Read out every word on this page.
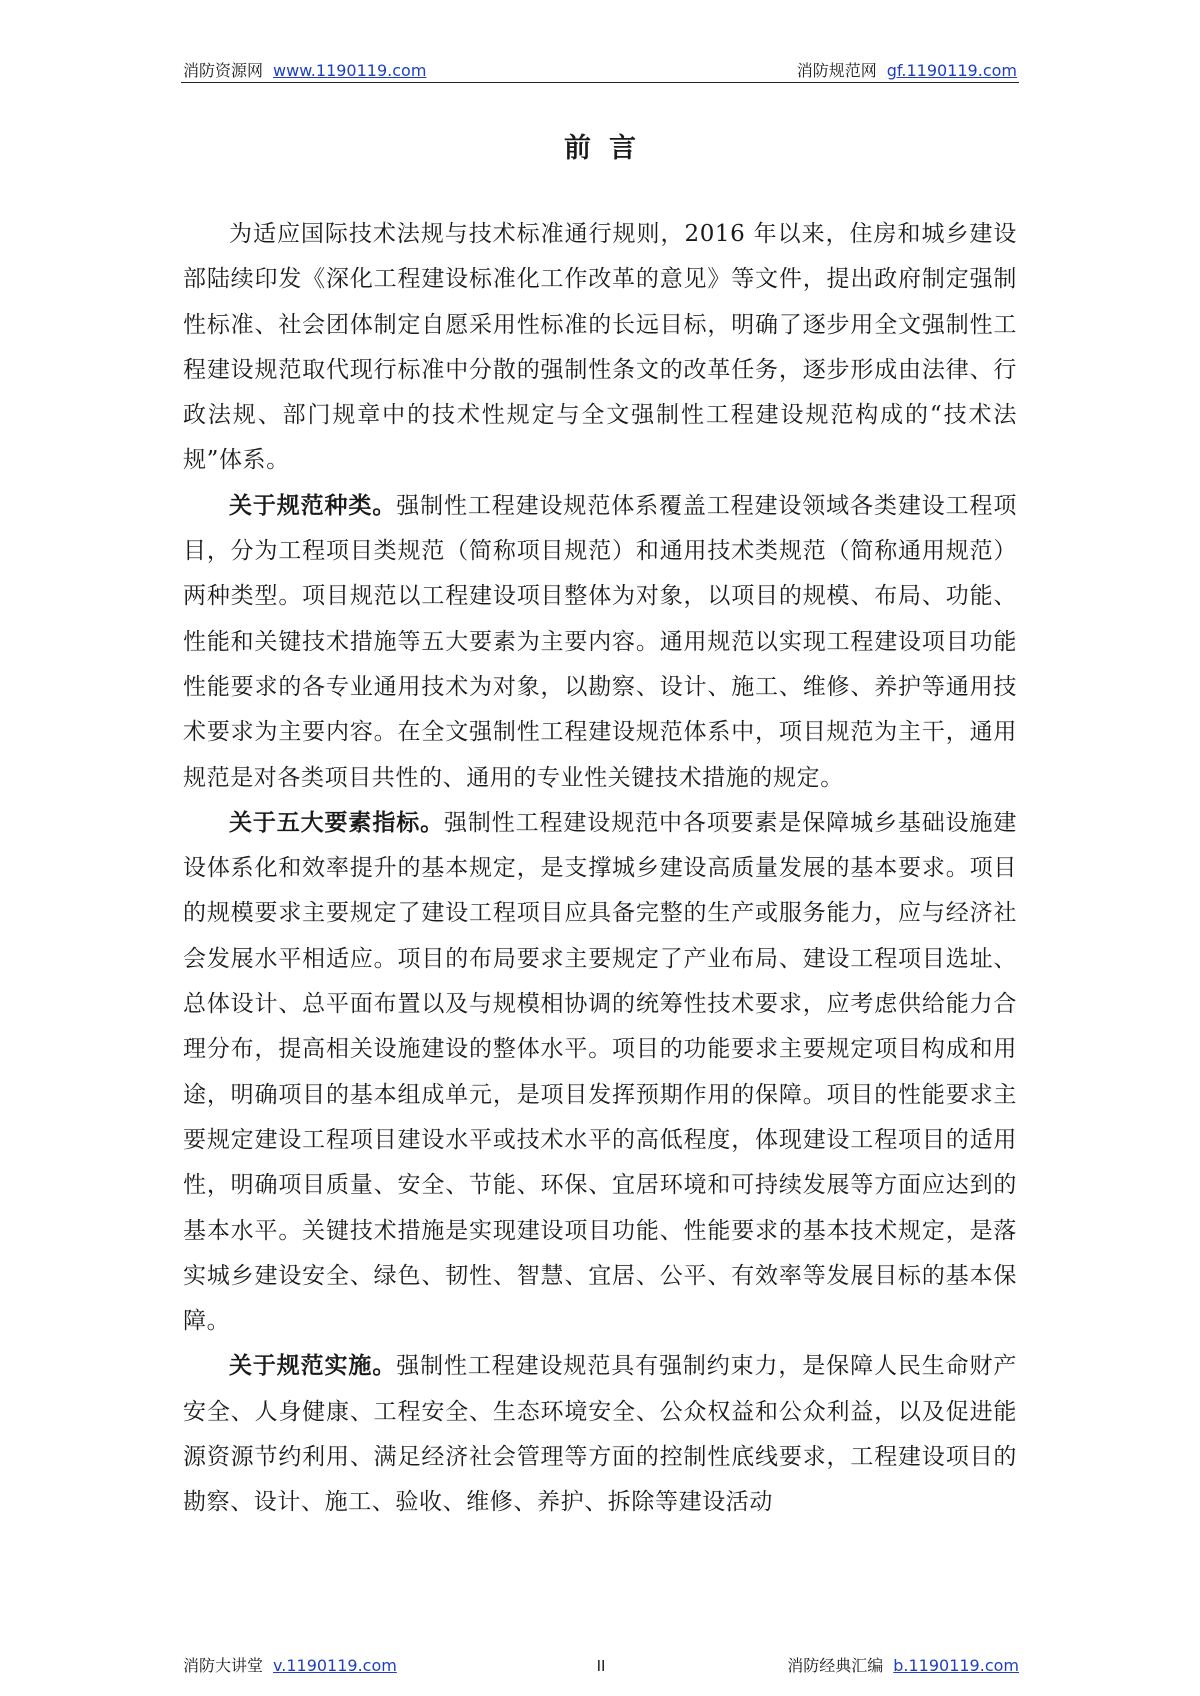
消防资源网 www.1190119.com	消防规范网 gf.1190119.com
前言

为适应国际技术法规与技术标准通行规则，2016 年以来，住房和城乡建设部陆续印发《深化工程建设标准化工作改革的意见》等文件，提出政府制定强制性标准、社会团体制定自愿采用性标准的长远目标，明确了逐步用全文强制性工程建设规范取代现行标准中分散的强制性条文的改革任务，逐步形成由法律、行政法规、部门规章中的技术性规定与全文强制性工程建设规范构成的“技术法规”体系。

关于规范种类。强制性工程建设规范体系覆盖工程建设领域各类建设工程项目，分为工程项目类规范（简称项目规范）和通用技术类规范（简称通用规范）两种类型。项目规范以工程建设项目整体为对象，以项目的规模、布局、功能、性能和关键技术措施等五大要素为主要内容。通用规范以实现工程建设项目功能性能要求的各专业通用技术为对象，以勘察、设计、施工、维修、养护等通用技术要求为主要内容。在全文强制性工程建设规范体系中，项目规范为主干，通用规范是对各类项目共性的、通用的专业性关键技术措施的规定。

关于五大要素指标。强制性工程建设规范中各项要素是保障城乡基础设施建设体系化和效率提升的基本规定，是支撑城乡建设高质量发展的基本要求。项目的规模要求主要规定了建设工程项目应具备完整的生产或服务能力，应与经济社会发展水平相适应。项目的布局要求主要规定了产业布局、建设工程项目选址、总体设计、总平面布置以及与规模相协调的统筹性技术要求，应考虑供给能力合理分布，提高相关设施建设的整体水平。项目的功能要求主要规定项目构成和用途，明确项目的基本组成单元，是项目发挥预期作用的保障。项目的性能要求主要规定建设工程项目建设水平或技术水平的高低程度，体现建设工程项目的适用性，明确项目质量、安全、节能、环保、宜居环境和可持续发展等方面应达到的基本水平。关键技术措施是实现建设项目功能、性能要求的基本技术规定，是落实城乡建设安全、绿色、韧性、智慧、宜居、公平、有效率等发展目标的基本保障。

关于规范实施。强制性工程建设规范具有强制约束力，是保障人民生命财产安全、人身健康、工程安全、生态环境安全、公众权益和公众利益，以及促进能源资源节约利用、满足经济社会管理等方面的控制性底线要求，工程建设项目的勘察、设计、施工、验收、维修、养护、拆除等建设活动

消防大讲堂 v.1190119.com	II	消防经典汇编 b.1190119.com
